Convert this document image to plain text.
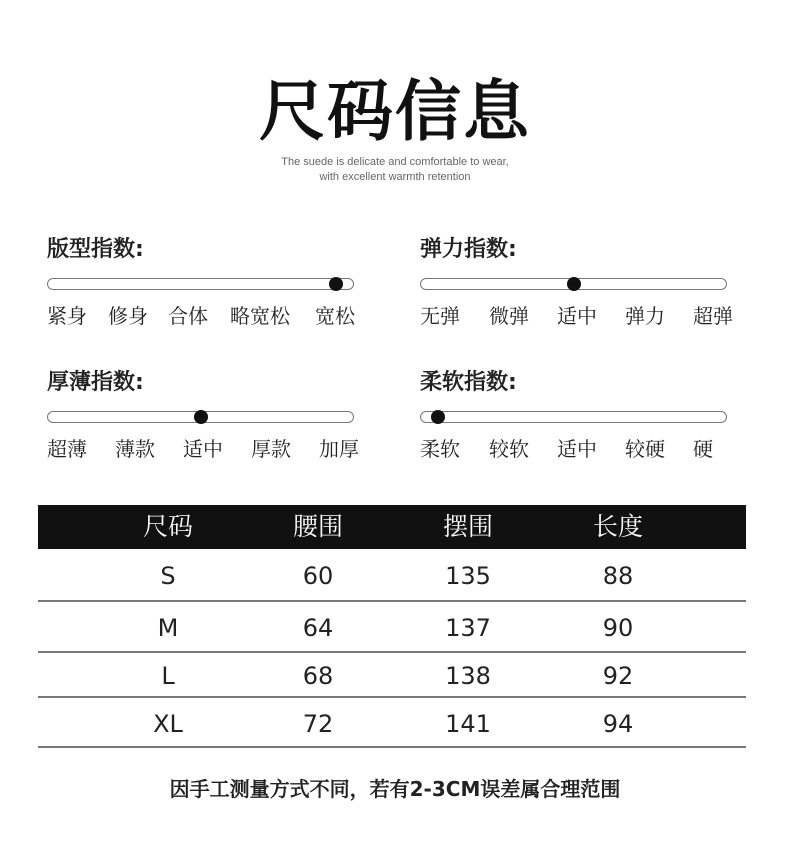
尺码信息
The suede is delicate and comfortable to wear,
with excellent warmth retention
版型指数:
紧身 修身 合体 略宽松 宽松
弹力指数:
无弹 微弹 适中 弹力 超弹
厚薄指数:
超薄 薄款 适中 厚款 加厚
柔软指数:
柔软 较软 适中 较硬 硬
尺码	腰围	摆围	长度
S	60	135	88
M	64	137	90
L	68	138	92
XL	72	141	94
因手工测量方式不同，若有2-3CM误差属合理范围
